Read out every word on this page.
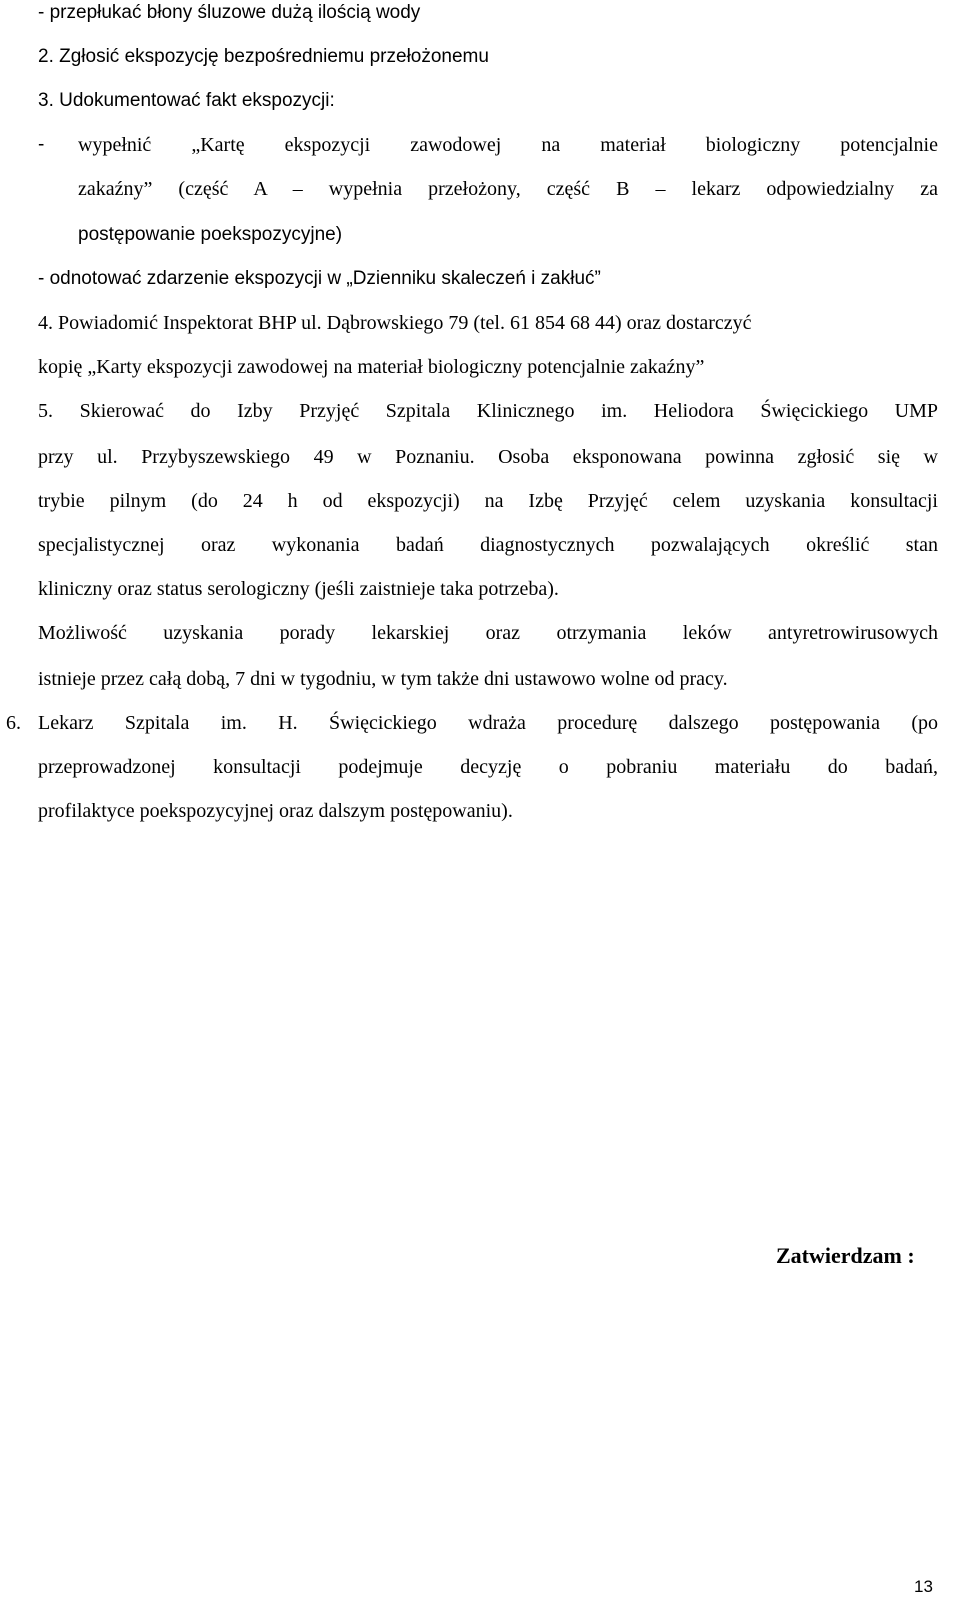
- przepłukać błony śluzowe dużą ilością wody
2. Zgłosić ekspozycję bezpośredniemu przełożonemu
3. Udokumentować fakt ekspozycji:
- wypełnić „Kartę ekspozycji zawodowej na materiał biologiczny potencjalnie
zakaźny” (część A – wypełnia przełożony, część B – lekarz odpowiedzialny za
postępowanie poekspozycyjne)
- odnotować zdarzenie ekspozycji w „Dzienniku skaleczeń i zakłuć”
4. Powiadomić Inspektorat BHP ul. Dąbrowskiego 79 (tel. 61 854 68 44) oraz dostarczyć
kopię „Karty ekspozycji zawodowej na materiał biologiczny potencjalnie zakaźny”
5. Skierować do Izby Przyjęć Szpitala Klinicznego im. Heliodora Święcickiego UMP
przy ul. Przybyszewskiego 49 w Poznaniu. Osoba eksponowana powinna zgłosić się w
trybie pilnym (do 24 h od ekspozycji) na Izbę Przyjęć celem uzyskania konsultacji
specjalistycznej oraz wykonania badań diagnostycznych pozwalających określić stan
kliniczny oraz status serologiczny (jeśli zaistnieje taka potrzeba).
Możliwość uzyskania porady lekarskiej oraz otrzymania leków antyretrowirusowych
istnieje przez całą dobą, 7 dni w tygodniu, w tym także dni ustawowo wolne od pracy.
6. Lekarz Szpitala im. H. Święcickiego wdraża procedurę dalszego postępowania (po
przeprowadzonej konsultacji podejmuje decyzję o pobraniu materiału do badań,
profilaktyce poekspozycyjnej oraz dalszym postępowaniu).
Zatwierdzam :
13
